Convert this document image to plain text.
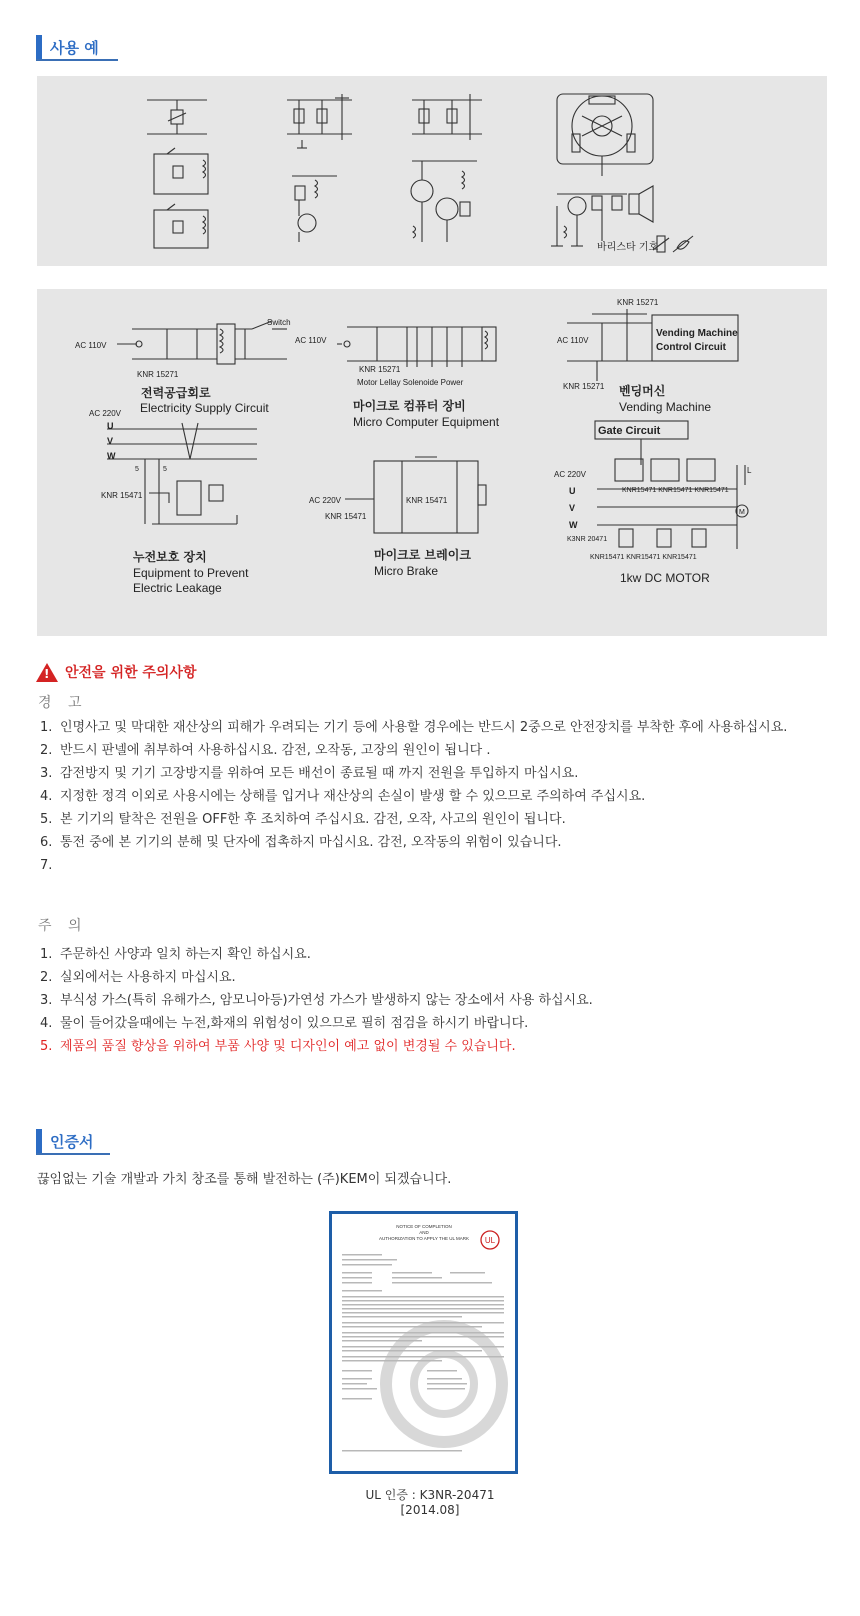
사용 예
바리스타 기호
AC 110V
Switch
KNR 15271
전력공급회로
Electricity Supply Circuit
AC 110V
KNR 15271
Motor Lellay Solenoide Power
마이크로 컴퓨터 장비
Micro Computer Equipment
KNR 15271
AC 110V
KNR 15271
Vending Machine
Control Circuit
벤딩머신
Vending Machine
AC 220V
U
V
W
5	5
KNR 15471
누전보호 장치
Equipment to Prevent
Electric Leakage
AC 220V
KNR 15471
KNR 15471
마이크로 브레이크
Micro Brake
Gate Circuit
AC 220V
U
V
W
KNR15471 KNR15471 KNR15471
K3NR 20471
KNR15471 KNR15471 KNR15471
L
M
1kw DC MOTOR
! 안전을 위한 주의사항
경 고
1. 인명사고 및 막대한 재산상의 피해가 우려되는 기기 등에 사용할 경우에는 반드시 2중으로 안전장치를 부착한 후에 사용하십시요.
2. 반드시 판넬에 취부하여 사용하십시요. 감전, 오작동, 고장의 원인이 됩니다 .
3. 감전방지 및 기기 고장방지를 위하여 모든 배선이 종료될 때 까지 전원을 투입하지 마십시요.
4. 지정한 정격 이외로 사용시에는 상해를 입거나 재산상의 손실이 발생 할 수 있으므로 주의하여 주십시요.
5. 본 기기의 탈착은 전원을 OFF한 후 조치하여 주십시요. 감전, 오작, 사고의 원인이 됩니다.
6. 통전 중에 본 기기의 분해 및 단자에 접촉하지 마십시요. 감전, 오작동의 위험이 있습니다.
7.
주 의
1. 주문하신 사양과 일치 하는지 확인 하십시요.
2. 실외에서는 사용하지 마십시요.
3. 부식성 가스(특히 유해가스, 암모니아등)가연성 가스가 발생하지 않는 장소에서 사용 하십시요.
4. 물이 들어갔을때에는 누전,화재의 위험성이 있으므로 필히 점검을 하시기 바랍니다.
5. 제품의 품질 향상을 위하여 부품 사양 및 디자인이 예고 없이 변경될 수 있습니다.
인증서
끊임없는 기술 개발과 가치 창조를 통해 발전하는 (주)KEM이 되겠습니다.
NOTICE OF COMPLETION
AND
AUTHORIZATION TO APPLY THE UL MARK UL
UL 인증 : K3NR-20471
[2014.08]
